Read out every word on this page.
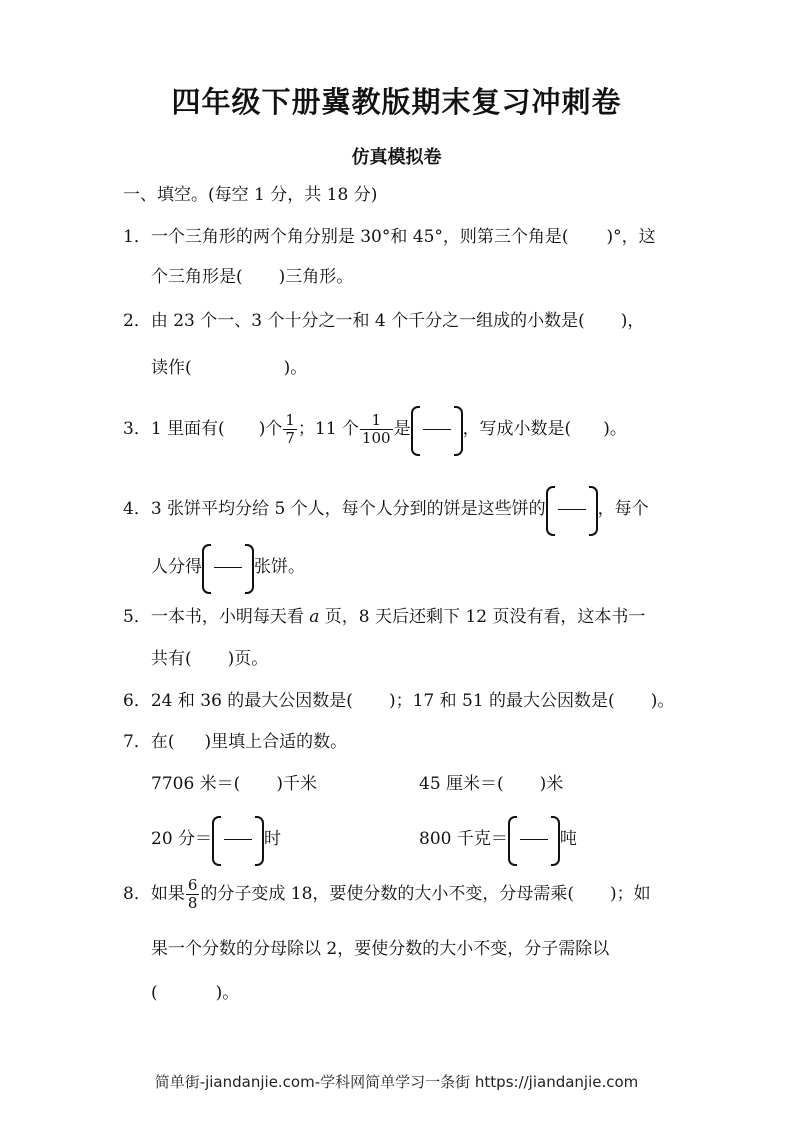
四年级下册冀教版期末复习冲刺卷
仿真模拟卷
一、填空。(每空 1 分，共 18 分)
1．一个三角形的两个角分别是 30°和 45°，则第三个角是( )°，这
个三角形是( )三角形。
2．由 23 个一、3 个十分之一和 4 个千分之一组成的小数是( )，
读作(	)。
3．1 里面有( )个 $\frac{1}{7}$ ；11 个 $\frac{1}{100}$ 是	，写成小数是( )。
4．3 张饼平均分给 5 个人，每个人分到的饼是这些饼的	，每个
人分得	张饼。
5．一本书，小明每天看 a 页，8 天后还剩下 12 页没有看，这本书一
共有( )页。
6．24 和 36 的最大公因数是( )；17 和 51 的最大公因数是( )。
7．在( )里填上合适的数。
7706 米＝( )千米	45 厘米＝( )米
20 分＝	时	800 千克＝	吨
8．如果 $\frac{6}{8}$ 的分子变成 18，要使分数的大小不变，分母需乘( )；如
果一个分数的分母除以 2，要使分数的大小不变，分子需除以
(	)。
简单街-jiandanjie.com-学科网简单学习一条街 https://jiandanjie.com
